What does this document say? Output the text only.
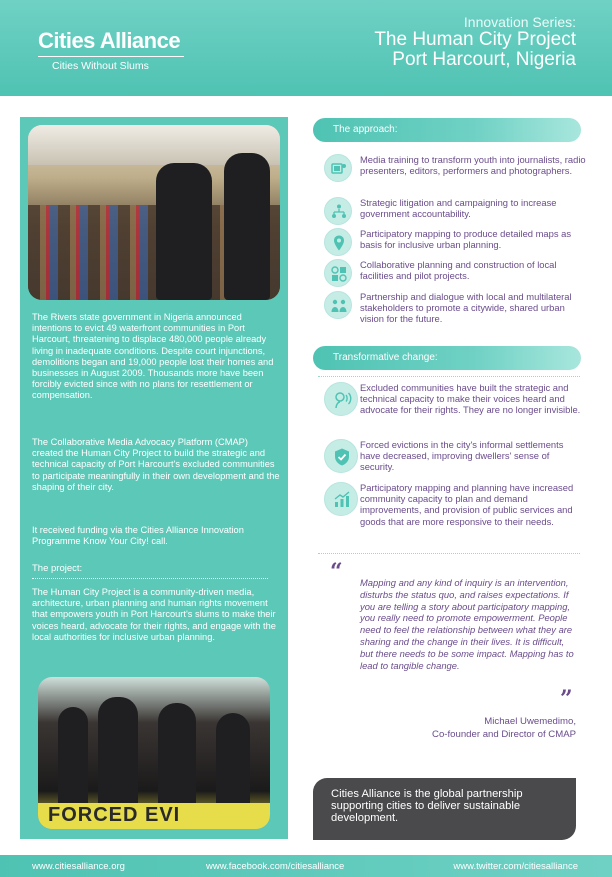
Cities Alliance
Cities Without Slums
Innovation Series:
The Human City Project
Port Harcourt, Nigeria

The Rivers state government in Nigeria announced intentions to evict 49 waterfront communities in Port Harcourt, threatening to displace 480,000 people already living in inadequate conditions. Despite court injunctions, demolitions began and 19,000 people lost their homes and businesses in August 2009. Thousands more have been forcibly evicted since with no plans for resettlement or compensation.

The Collaborative Media Advocacy Platform (CMAP) created the Human City Project to build the strategic and technical capacity of Port Harcourt's excluded communities to participate meaningfully in their own development and the shaping of their city.

It received funding via the Cities Alliance Innovation Programme Know Your City! call.

The project:

The Human City Project is a community-driven media, architecture, urban planning and human rights movement that empowers youth in Port Harcourt's slums to make their voices heard, advocate for their rights, and engage with the local authorities for inclusive urban planning.

FORCED EVI
The approach:
Media training to transform youth into journalists, radio presenters, editors, performers and photographers.
Strategic litigation and campaigning to increase government accountability.
Participatory mapping to produce detailed maps as basis for inclusive urban planning.
Collaborative planning and construction of local facilities and pilot projects.
Partnership and dialogue with local and multilateral stakeholders to promote a citywide, shared urban vision for the future.
Transformative change:
Excluded communities have built the strategic and technical capacity to make their voices heard and advocate for their rights. They are no longer invisible.
Forced evictions in the city's informal settlements have decreased, improving dwellers' sense of security.
Participatory mapping and planning have increased community capacity to plan and demand improvements, and provision of public services and goods that are more responsive to their needs.
“ Mapping and any kind of inquiry is an intervention, disturbs the status quo, and raises expectations. If you are telling a story about participatory mapping, you really need to promote empowerment. People need to feel the relationship between what they are sharing and the change in their lives. It is difficult, but there needs to be some impact. Mapping has to lead to tangible change.

”
Michael Uwemedimo,
Co-founder and Director of CMAP
Cities Alliance is the global partnership supporting cities to deliver sustainable development.
www.citiesalliance.org	www.facebook.com/citiesalliance	www.twitter.com/citiesalliance
